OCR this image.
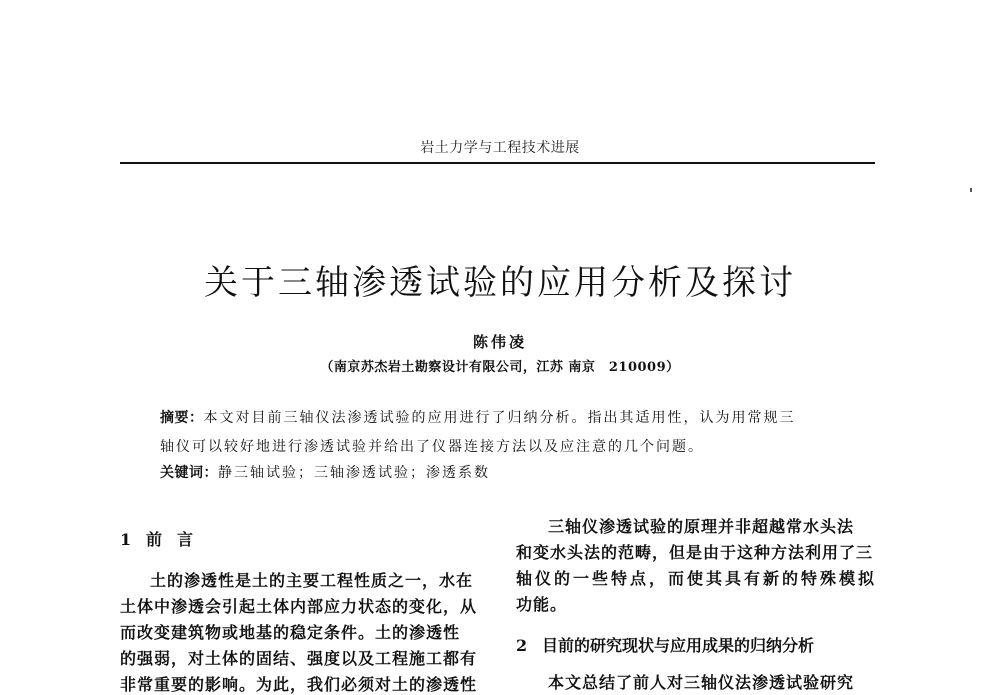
岩土力学与工程技术进展
关于三轴渗透试验的应用分析及探讨
陈伟凌
（南京苏杰岩土勘察设计有限公司，江苏 南京　210009）
摘要：本文对目前三轴仪法渗透试验的应用进行了归纳分析。指出其适用性，认为用常规三
轴仪可以较好地进行渗透试验并给出了仪器连接方法以及应注意的几个问题。
关键词：静三轴试验；三轴渗透试验；渗透系数
1 前言
土的渗透性是土的主要工程性质之一，水在
土体中渗透会引起土体内部应力状态的变化，从
而改变建筑物或地基的稳定条件。土的渗透性
的强弱，对土体的固结、强度以及工程施工都有
非常重要的影响。为此，我们必须对土的渗透性
三轴仪渗透试验的原理并非超越常水头法
和变水头法的范畴，但是由于这种方法利用了三
轴仪的一些特点，而使其具有新的特殊模拟
功能。
2 目前的研究现状与应用成果的归纳分析
本文总结了前人对三轴仪法渗透试验研究
